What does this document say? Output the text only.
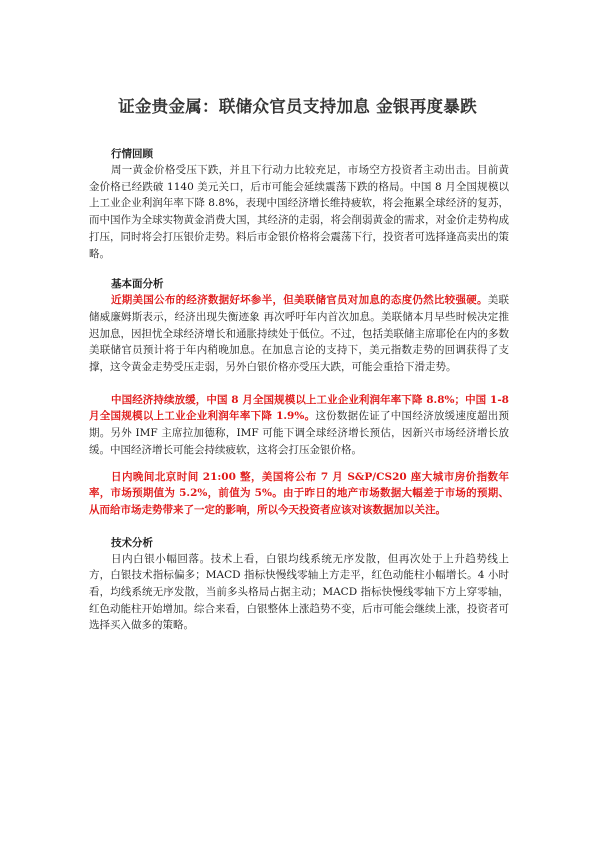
证金贵金属：联储众官员支持加息 金银再度暴跌
行情回顾

周一黄金价格受压下跌，并且下行动力比较充足，市场空方投资者主动出击。目前黄金价格已经跌破 1140 美元关口，后市可能会延续震荡下跌的格局。中国 8 月全国规模以上工业企业利润年率下降 8.8%，表现中国经济增长维持疲软，将会拖累全球经济的复苏，而中国作为全球实物黄金消费大国，其经济的走弱，将会削弱黄金的需求，对金价走势构成打压，同时将会打压银价走势。料后市金银价格将会震荡下行，投资者可选择逢高卖出的策略。

基本面分析

近期美国公布的经济数据好坏参半，但美联储官员对加息的态度仍然比较强硬。美联储威廉姆斯表示，经济出现失衡迹象 再次呼吁年内首次加息。美联储本月早些时候决定推迟加息，因担忧全球经济增长和通胀持续处于低位。不过，包括美联储主席耶伦在内的多数美联储官员预计将于年内稍晚加息。在加息言论的支持下，美元指数走势的回调获得了支撑，这令黄金走势受压走弱，另外白银价格亦受压大跌，可能会重拾下滑走势。

中国经济持续放缓，中国 8 月全国规模以上工业企业利润年率下降 8.8%；中国 1-8 月全国规模以上工业企业利润年率下降 1.9%。这份数据佐证了中国经济放缓速度超出预期。另外 IMF 主席拉加德称，IMF 可能下调全球经济增长预估，因新兴市场经济增长放缓。中国经济增长可能会持续疲软，这将会打压金银价格。

日内晚间北京时间 21:00 整，美国将公布 7 月 S&P/CS20 座大城市房价指数年率，市场预期值为 5.2%，前值为 5%。由于昨日的地产市场数据大幅差于市场的预期、从而给市场走势带来了一定的影响，所以今天投资者应该对该数据加以关注。

技术分析

日内白银小幅回落。技术上看，白银均线系统无序发散，但再次处于上升趋势线上方，白银技术指标偏多；MACD 指标快慢线零轴上方走平，红色动能柱小幅增长。4 小时看，均线系统无序发散，当前多头格局占据主动；MACD 指标快慢线零轴下方上穿零轴，红色动能柱开始增加。综合来看，白银整体上涨趋势不变，后市可能会继续上涨，投资者可选择买入做多的策略。
